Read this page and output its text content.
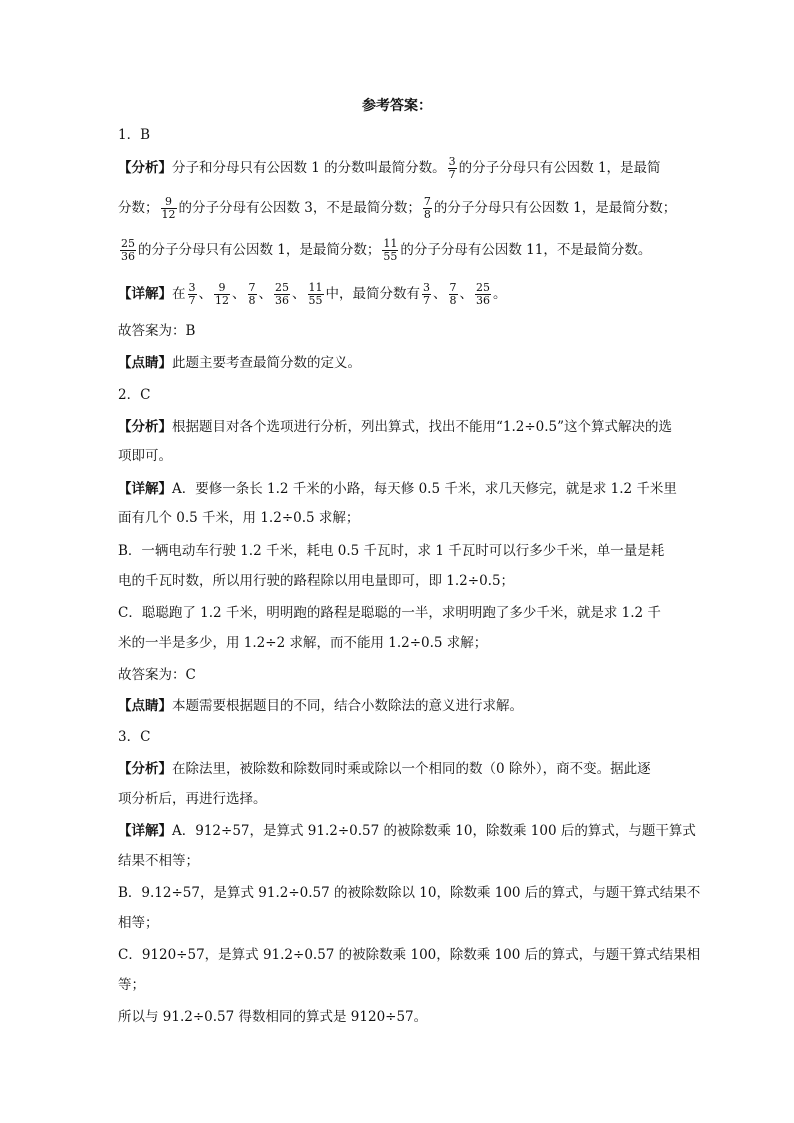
参考答案：
1．B
【分析】分子和分母只有公因数 1 的分数叫最简分数。 $\frac{3}{7}$ 的分子分母只有公因数 1，是最简
分数； $\frac{9}{12}$ 的分子分母有公因数 3，不是最简分数； $\frac{7}{8}$ 的分子分母只有公因数 1，是最简分数；
$\frac{25}{36}$ 的分子分母只有公因数 1，是最简分数； $\frac{11}{55}$ 的分子分母有公因数 11，不是最简分数。
【详解】在 $\frac{3}{7}$ 、 $\frac{9}{12}$ 、 $\frac{7}{8}$ 、 $\frac{25}{36}$ 、 $\frac{11}{55}$ 中，最简分数有 $\frac{3}{7}$ 、 $\frac{7}{8}$ 、 $\frac{25}{36}$ 。
故答案为：B
【点睛】此题主要考查最简分数的定义。
2．C
【分析】根据题目对各个选项进行分析，列出算式，找出不能用“1.2÷0.5”这个算式解决的选
项即可。
【详解】A．要修一条长 1.2 千米的小路，每天修 0.5 千米，求几天修完，就是求 1.2 千米里
面有几个 0.5 千米，用 1.2÷0.5 求解；
B．一辆电动车行驶 1.2 千米，耗电 0.5 千瓦时，求 1 千瓦时可以行多少千米，单一量是耗
电的千瓦时数，所以用行驶的路程除以用电量即可，即 1.2÷0.5；
C．聪聪跑了 1.2 千米，明明跑的路程是聪聪的一半，求明明跑了多少千米，就是求 1.2 千
米的一半是多少，用 1.2÷2 求解，而不能用 1.2÷0.5 求解；
故答案为：C
【点睛】本题需要根据题目的不同，结合小数除法的意义进行求解。
3．C
【分析】在除法里，被除数和除数同时乘或除以一个相同的数（0 除外），商不变。据此逐
项分析后，再进行选择。
【详解】A．912÷57，是算式 91.2÷0.57 的被除数乘 10，除数乘 100 后的算式，与题干算式
结果不相等；
B．9.12÷57，是算式 91.2÷0.57 的被除数除以 10，除数乘 100 后的算式，与题干算式结果不
相等；
C．9120÷57，是算式 91.2÷0.57 的被除数乘 100，除数乘 100 后的算式，与题干算式结果相
等；
所以与 91.2÷0.57 得数相同的算式是 9120÷57。
